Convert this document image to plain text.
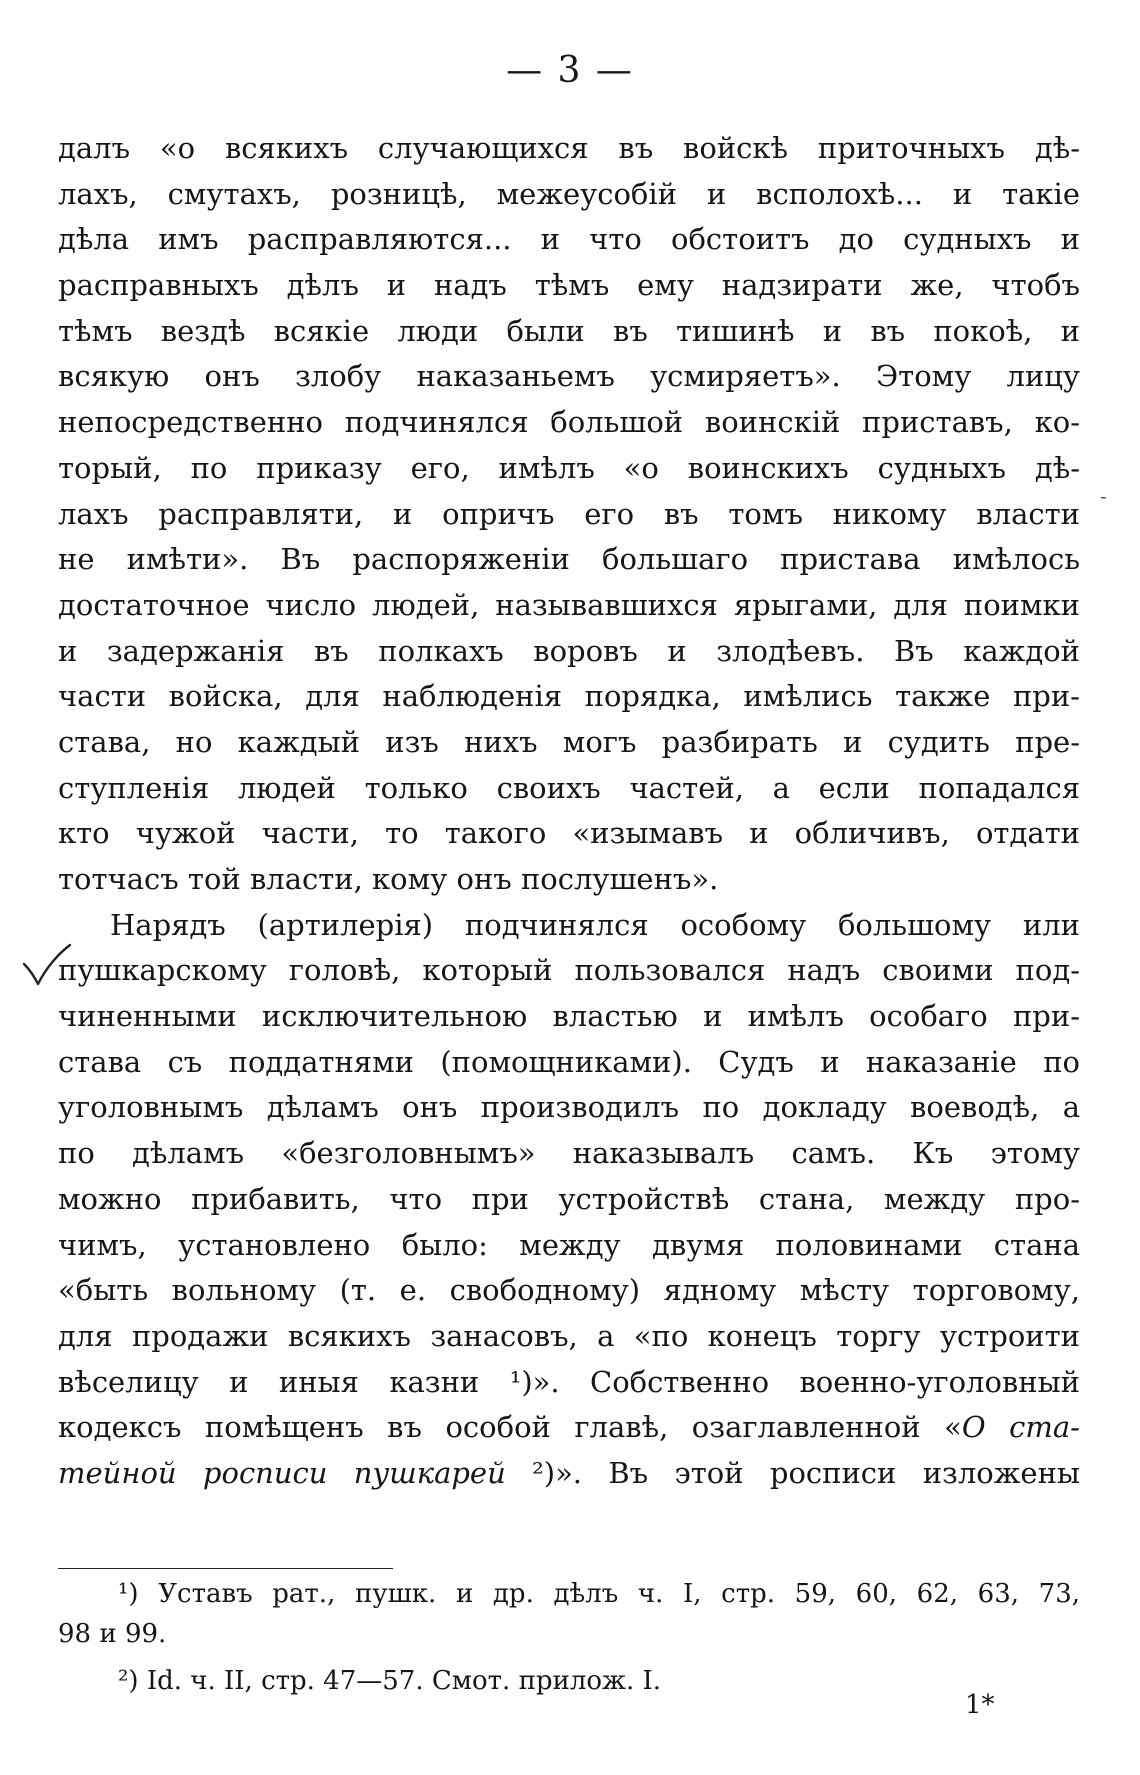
— 3 —
-
далъ «о всякихъ случающихся въ войскѣ приточныхъ дѣ-
лахъ, смутахъ, розницѣ, межеусобій и всполохѣ... и такіе
дѣла имъ расправляются... и что обстоитъ до судныхъ и
расправныхъ дѣлъ и надъ тѣмъ ему надзирати же, чтобъ
тѣмъ вездѣ всякіе люди были въ тишинѣ и въ покоѣ, и
всякую онъ злобу наказаньемъ усмиряетъ». Этому лицу
непосредственно подчинялся большой воинскій приставъ, ко-
торый, по приказу его, имѣлъ «о воинскихъ судныхъ дѣ-
лахъ расправляти, и опричъ его въ томъ никому власти
не имѣти». Въ распоряженіи большаго пристава имѣлось
достаточное число людей, называвшихся ярыгами, для поимки
и задержанія въ полкахъ воровъ и злодѣевъ. Въ каждой
части войска, для наблюденія порядка, имѣлись также при-
става, но каждый изъ нихъ могъ разбирать и судить пре-
ступленія людей только своихъ частей, а если попадался
кто чужой части, то такого «изымавъ и обличивъ, отдати
тотчасъ той власти, кому онъ послушенъ».
Нарядъ (артилерія) подчинялся особому большому или
пушкарскому головѣ, который пользовался надъ своими под-
чиненными исключительною властью и имѣлъ особаго при-
става съ поддатнями (помощниками). Судъ и наказаніе по
уголовнымъ дѣламъ онъ производилъ по докладу воеводѣ, а
по дѣламъ «безголовнымъ» наказывалъ самъ. Къ этому
можно прибавить, что при устройствѣ стана, между про-
чимъ, установлено было: между двумя половинами стана
«быть вольному (т. е. свободному) ядному мѣсту торговому,
для продажи всякихъ занасовъ, а «по конецъ торгу устроити
вѣселицу и иныя казни ¹)». Собственно военно-уголовный
кодексъ помѣщенъ въ особой главѣ, озаглавленной «О ста-
тейной росписи пушкарей ²)». Въ этой росписи изложены
¹) Уставъ рат., пушк. и др. дѣлъ ч. I, стр. 59, 60, 62, 63, 73,
98 и 99.
²) Id. ч. II, стр. 47—57. Смот. прилож. I.
1*
